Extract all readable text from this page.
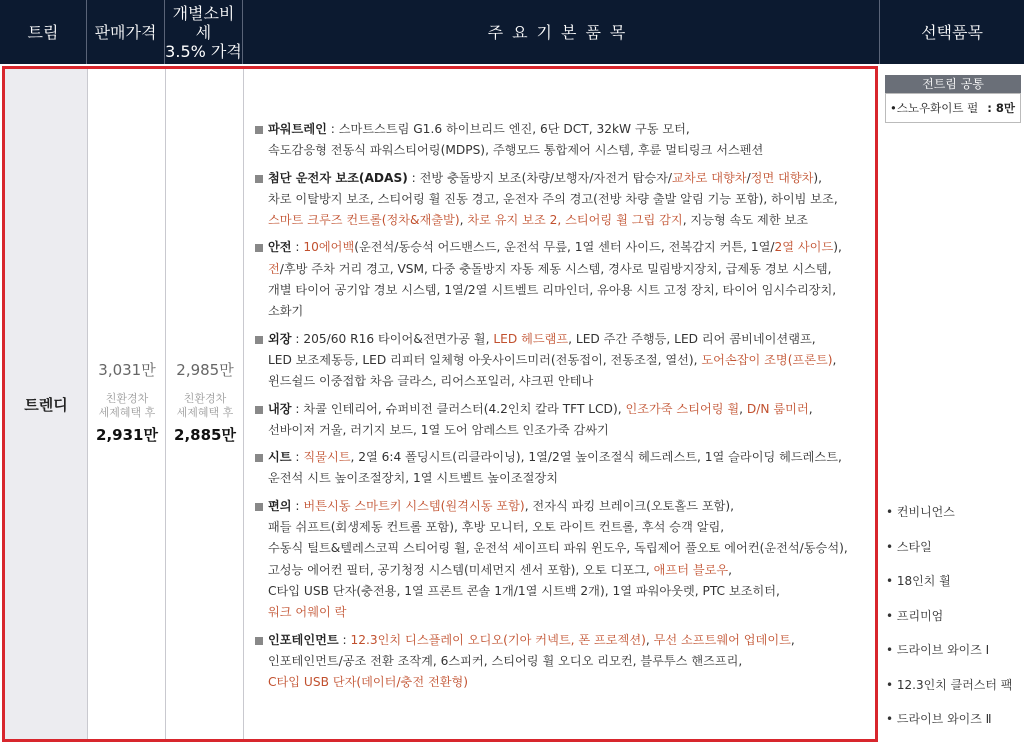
트림	판매가격
개별소비세
3.5% 가격
주요기본품목	선택품목
트렌디
3,031만
친환경차
세제혜택 후
2,931만
2,985만
친환경차
세제혜택 후
2,885만
파워트레인 : 스마트스트림 G1.6 하이브리드 엔진, 6단 DCT, 32kW 구동 모터,
속도감응형 전동식 파워스티어링(MDPS), 주행모드 통합제어 시스템, 후륜 멀티링크 서스펜션
첨단 운전자 보조(ADAS) : 전방 충돌방지 보조(차량/보행자/자전거 탑승자/교차로 대향차/정면 대향차),
차로 이탈방지 보조, 스티어링 휠 진동 경고, 운전자 주의 경고(전방 차량 출발 알림 기능 포함), 하이빔 보조,
스마트 크루즈 컨트롤(정차&재출발), 차로 유지 보조 2, 스티어링 휠 그립 감지, 지능형 속도 제한 보조
안전 : 10에어백(운전석/동승석 어드밴스드, 운전석 무릎, 1열 센터 사이드, 전복감지 커튼, 1열/2열 사이드),
전/후방 주차 거리 경고, VSM, 다중 충돌방지 자동 제동 시스템, 경사로 밀림방지장치, 급제동 경보 시스템,
개별 타이어 공기압 경보 시스템, 1열/2열 시트벨트 리마인더, 유아용 시트 고정 장치, 타이어 임시수리장치,
소화기
외장 : 205/60 R16 타이어&전면가공 휠, LED 헤드램프, LED 주간 주행등, LED 리어 콤비네이션램프,
LED 보조제동등, LED 리피터 일체형 아웃사이드미러(전동접이, 전동조절, 열선), 도어손잡이 조명(프론트),
윈드쉴드 이중접합 차음 글라스, 리어스포일러, 샤크핀 안테나
내장 : 차콜 인테리어, 슈퍼비전 클러스터(4.2인치 칼라 TFT LCD), 인조가죽 스티어링 휠, D/N 룸미러,
선바이저 거울, 러기지 보드, 1열 도어 암레스트 인조가죽 감싸기
시트 : 직물시트, 2열 6:4 폴딩시트(리클라이닝), 1열/2열 높이조절식 헤드레스트, 1열 슬라이딩 헤드레스트,
운전석 시트 높이조절장치, 1열 시트벨트 높이조절장치
편의 : 버튼시동 스마트키 시스템(원격시동 포함), 전자식 파킹 브레이크(오토홀드 포함),
패들 쉬프트(회생제동 컨트롤 포함), 후방 모니터, 오토 라이트 컨트롤, 후석 승객 알림,
수동식 틸트&텔레스코픽 스티어링 휠, 운전석 세이프티 파워 윈도우, 독립제어 풀오토 에어컨(운전석/동승석),
고성능 에어컨 필터, 공기청정 시스템(미세먼지 센서 포함), 오토 디포그, 애프터 블로우,
C타입 USB 단자(충전용, 1열 프론트 콘솔 1개/1열 시트백 2개), 1열 파워아웃렛, PTC 보조히터,
워크 어웨이 락
인포테인먼트 : 12.3인치 디스플레이 오디오(기아 커넥트, 폰 프로젝션), 무선 소프트웨어 업데이트,
인포테인먼트/공조 전환 조작계, 6스피커, 스티어링 휠 오디오 리모컨, 블루투스 핸즈프리,
C타입 USB 단자(데이터/충전 전환형)
전트림 공통
•스노우화이트 펄 : 8만
• 컨비니언스
• 스타일
• 18인치 휠
• 프리미엄
• 드라이브 와이즈 Ⅰ
• 12.3인치 클러스터 팩
• 드라이브 와이즈 Ⅱ
